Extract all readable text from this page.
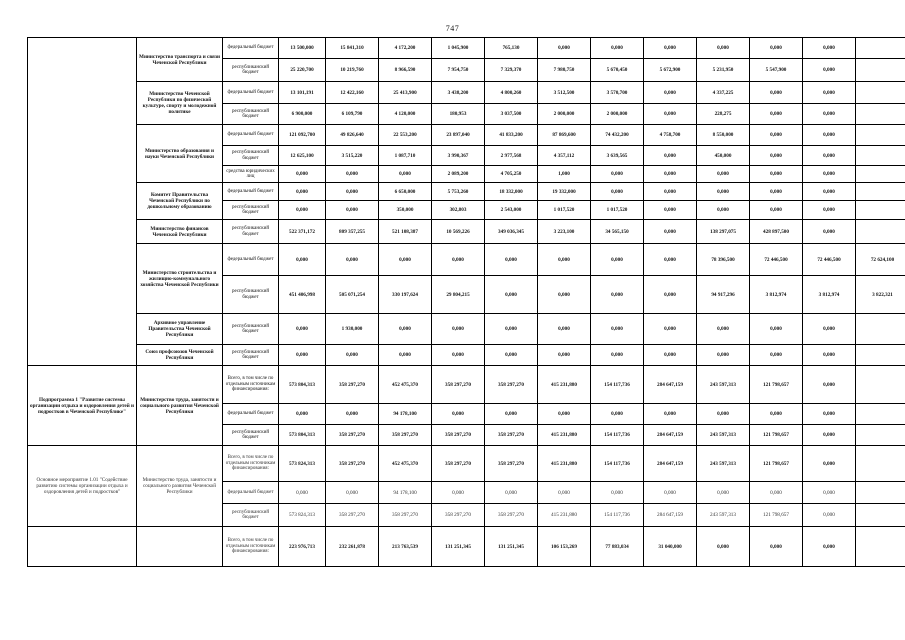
747
	Министерство транспорта и связи Чеченской Республики	федеральный бюджет	13 500,000	15 841,310	4 172,200	1 045,900	765,130	0,000	0,000	0,000	0,000	0,000	0,000	
		республиканский бюджет	25 220,700	10 219,760	8 966,590	7 954,750	7 329,370	7 980,750	5 670,450	5 672,900	5 231,950	5 547,900	0,000	
	Министерство Чеченской Республики по физической культуре, спорту и молодежной политике	федеральный бюджет	13 101,191	12 422,160	25 413,900	3 438,200	4 800,260	3 512,500	3 570,700	0,000	4 337,225	0,000	0,000	
		республиканский бюджет	6 900,000	6 109,790	4 120,000	180,953	3 037,500	2 000,000	2 000,000	0,000	228,275	0,000	0,000	
	Министерство образования и науки Чеченской Республики	федеральный бюджет	121 092,700	49 826,640	22 553,200	23 897,040	41 833,200	87 869,600	74 432,200	4 758,700	8 550,000	0,000	0,000	
		республиканский бюджет	12 625,100	3 515,220	1 087,710	3 990,367	2 977,568	4 357,112	3 639,565	0,000	450,000	0,000	0,000	
		средства юридических лиц	0,000	0,000	0,000	2 089,200	4 705,250	1,000	0,000	0,000	0,000	0,000	0,000	
	Комитет Правительства Чеченской Республики по дошкольному образованию	федеральный бюджет	0,000	0,000	6 650,000	5 753,260	18 332,000	19 332,000	0,000	0,000	0,000	0,000	0,000	
		республиканский бюджет	0,000	0,000	350,000	302,803	2 543,000	1 017,520	1 017,520	0,000	0,000	0,000	0,000	
	Министерство финансов Чеченской Республики	республиканский бюджет	522 371,172	809 357,255	521 108,387	10 569,226	349 036,345	3 223,100	34 565,150	0,000	138 297,075	428 897,500	0,000	
	Министерство строительства и жилищно-коммунального хозяйства Чеченской Республики	федеральный бюджет	0,000	0,000	0,000	0,000	0,000	0,000	0,000	0,000	78 396,500	72 446,500	72 446,500	72 624,100
		республиканский бюджет	451 406,998	505 071,254	330 197,624	29 804,215	0,000	0,000	0,000	0,000	94 917,296	3 812,974	3 812,974	3 822,321
	Архивное управление Правительства Чеченской Республики	республиканский бюджет	0,000	1 930,000	0,000	0,000	0,000	0,000	0,000	0,000	0,000	0,000	0,000	
	Союз профсоюзов Чеченской Республики	республиканский бюджет	0,000	0,000	0,000	0,000	0,000	0,000	0,000	0,000	0,000	0,000	0,000	
Подпрограмма 1 "Развитие системы организации отдыха и оздоровления детей и подростков в Чеченской Республике"	Министерство труда, занятости и социального развития Чеченской Республики	Всего, в том числе по отдельным источникам финансирования:	573 804,313	358 297,270	452 475,370	358 297,270	358 297,270	415 231,880	154 117,736	284 647,159	243 597,313	121 798,657	0,000	
		федеральный бюджет	0,000	0,000	94 178,100	0,000	0,000	0,000	0,000	0,000	0,000	0,000	0,000	
		республиканский бюджет	573 804,313	358 297,270	358 297,270	358 297,270	358 297,270	415 231,880	154 117,736	284 647,159	243 597,313	121 798,657	0,000	
Основное мероприятие 1.01 "Содействие развитию системы организации отдыха и оздоровления детей и подростков"	Министерство труда, занятости и социального развития Чеченской Республики	Всего, в том числе по отдельным источникам финансирования:	573 824,313	358 297,270	452 475,370	358 297,270	358 297,270	415 231,880	154 117,736	284 647,159	243 597,313	121 798,657	0,000	
		федеральный бюджет	0,000	0,000	94 178,100	0,000	0,000	0,000	0,000	0,000	0,000	0,000	0,000	
		республиканский бюджет	573 824,313	358 297,270	358 297,270	358 297,270	358 297,270	415 231,880	154 117,736	284 647,159	243 597,313	121 798,657	0,000	
		Всего, в том числе по отдельным источникам финансирования:	223 976,713	232 261,878	213 763,539	131 251,345	131 251,345	106 153,269	77 883,034	31 040,000	0,000	0,000	0,000	
